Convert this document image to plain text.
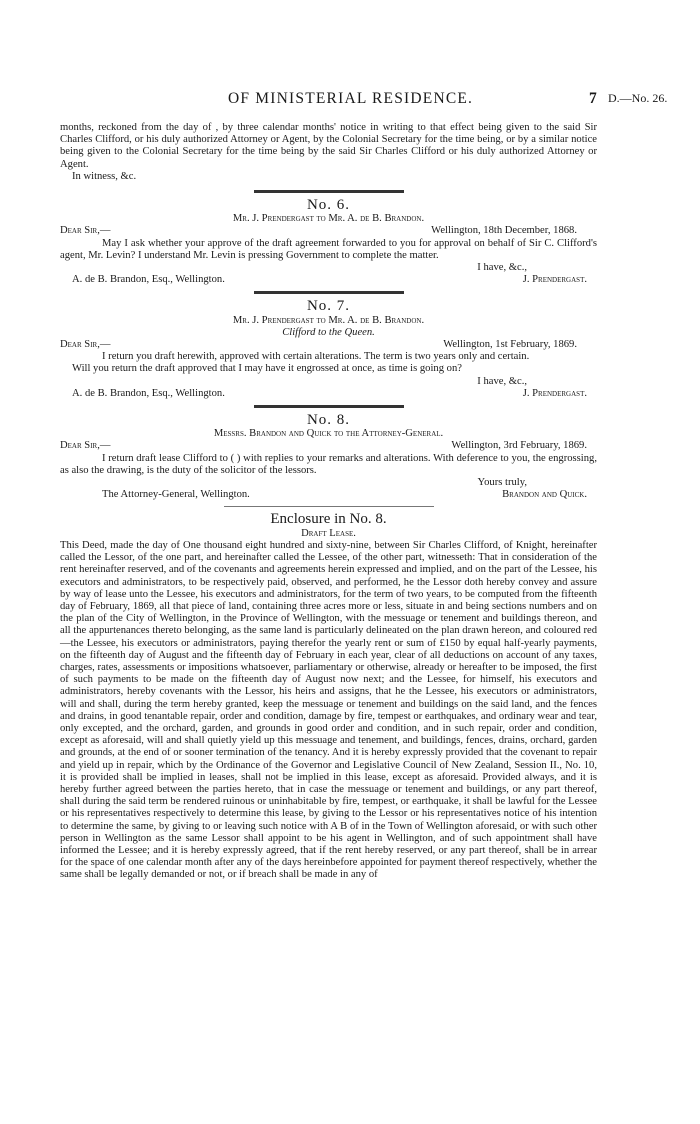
OF MINISTERIAL RESIDENCE.	7 D.—No. 26.

months, reckoned from the day of , by three calendar months' notice in writing to that effect being given to the said Sir Charles Clifford, or his duly authorized Attorney or Agent, by the Colonial Secretary for the time being, or by a similar notice being given to the Colonial Secretary for the time being by the said Sir Charles Clifford or his duly authorized Attorney or Agent.

In witness, &c.

No. 6.
Mr. J. Prendergast to Mr. A. de B. Brandon.
Dear Sir,—	Wellington, 18th December, 1868.

May I ask whether your approve of the draft agreement forwarded to you for approval on behalf of Sir C. Clifford's agent, Mr. Levin? I understand Mr. Levin is pressing Government to complete the matter.

I have, &c.,
A. de B. Brandon, Esq., Wellington.	J. Prendergast.
No. 7.
Mr. J. Prendergast to Mr. A. de B. Brandon.
Clifford to the Queen.
Dear Sir,—	Wellington, 1st February, 1869.

I return you draft herewith, approved with certain alterations. The term is two years only and certain.

Will you return the draft approved that I may have it engrossed at once, as time is going on?

I have, &c.,
A. de B. Brandon, Esq., Wellington.	J. Prendergast.
No. 8.
Messrs. Brandon and Quick to the Attorney-General.
Dear Sir,—	Wellington, 3rd February, 1869.

I return draft lease Clifford to ( ) with replies to your remarks and alterations. With deference to you, the engrossing, as also the drawing, is the duty of the solicitor of the lessors.

Yours truly,
The Attorney-General, Wellington.	Brandon and Quick.
Enclosure in No. 8.
Draft Lease.

This Deed, made the day of One thousand eight hundred and sixty-nine, between Sir Charles Clifford, of Knight, hereinafter called the Lessor, of the one part, and hereinafter called the Lessee, of the other part, witnesseth: That in consideration of the rent hereinafter reserved, and of the covenants and agreements herein expressed and implied, and on the part of the Lessee, his executors and administrators, to be respectively paid, observed, and performed, he the Lessor doth hereby convey and assure by way of lease unto the Lessee, his executors and administrators, for the term of two years, to be computed from the fifteenth day of February, 1869, all that piece of land, containing three acres more or less, situate in and being sections numbers and on the plan of the City of Wellington, in the Province of Wellington, with the messuage or tenement and buildings thereon, and all the appurtenances thereto belonging, as the same land is particularly delineated on the plan drawn hereon, and coloured red—the Lessee, his executors or administrators, paying therefor the yearly rent or sum of £150 by equal half-yearly payments, on the fifteenth day of August and the fifteenth day of February in each year, clear of all deductions on account of any taxes, charges, rates, assessments or impositions whatsoever, parliamentary or otherwise, already or hereafter to be imposed, the first of such payments to be made on the fifteenth day of August now next; and the Lessee, for himself, his executors and administrators, hereby covenants with the Lessor, his heirs and assigns, that he the Lessee, his executors or administrators, will and shall, during the term hereby granted, keep the messuage or tenement and buildings on the said land, and the fences and drains, in good tenantable repair, order and condition, damage by fire, tempest or earthquakes, and ordinary wear and tear, only excepted, and the orchard, garden, and grounds in good order and condition, and in such repair, order and condition, except as aforesaid, will and shall quietly yield up this messuage and tenement, and buildings, fences, drains, orchard, garden and grounds, at the end of or sooner termination of the tenancy. And it is hereby expressly provided that the covenant to repair and yield up in repair, which by the Ordinance of the Governor and Legislative Council of New Zealand, Session II., No. 10, it is provided shall be implied in leases, shall not be implied in this lease, except as aforesaid. Provided always, and it is hereby further agreed between the parties hereto, that in case the messuage or tenement and buildings, or any part thereof, shall during the said term be rendered ruinous or uninhabitable by fire, tempest, or earthquake, it shall be lawful for the Lessee or his representatives respectively to determine this lease, by giving to the Lessor or his representatives notice of his intention to determine the same, by giving to or leaving such notice with A B of in the Town of Wellington aforesaid, or with such other person in Wellington as the same Lessor shall appoint to be his agent in Wellington, and of such appointment shall have informed the Lessee; and it is hereby expressly agreed, that if the rent hereby reserved, or any part thereof, shall be in arrear for the space of one calendar month after any of the days hereinbefore appointed for payment thereof respectively, whether the same shall be legally demanded or not, or if breach shall be made in any of
